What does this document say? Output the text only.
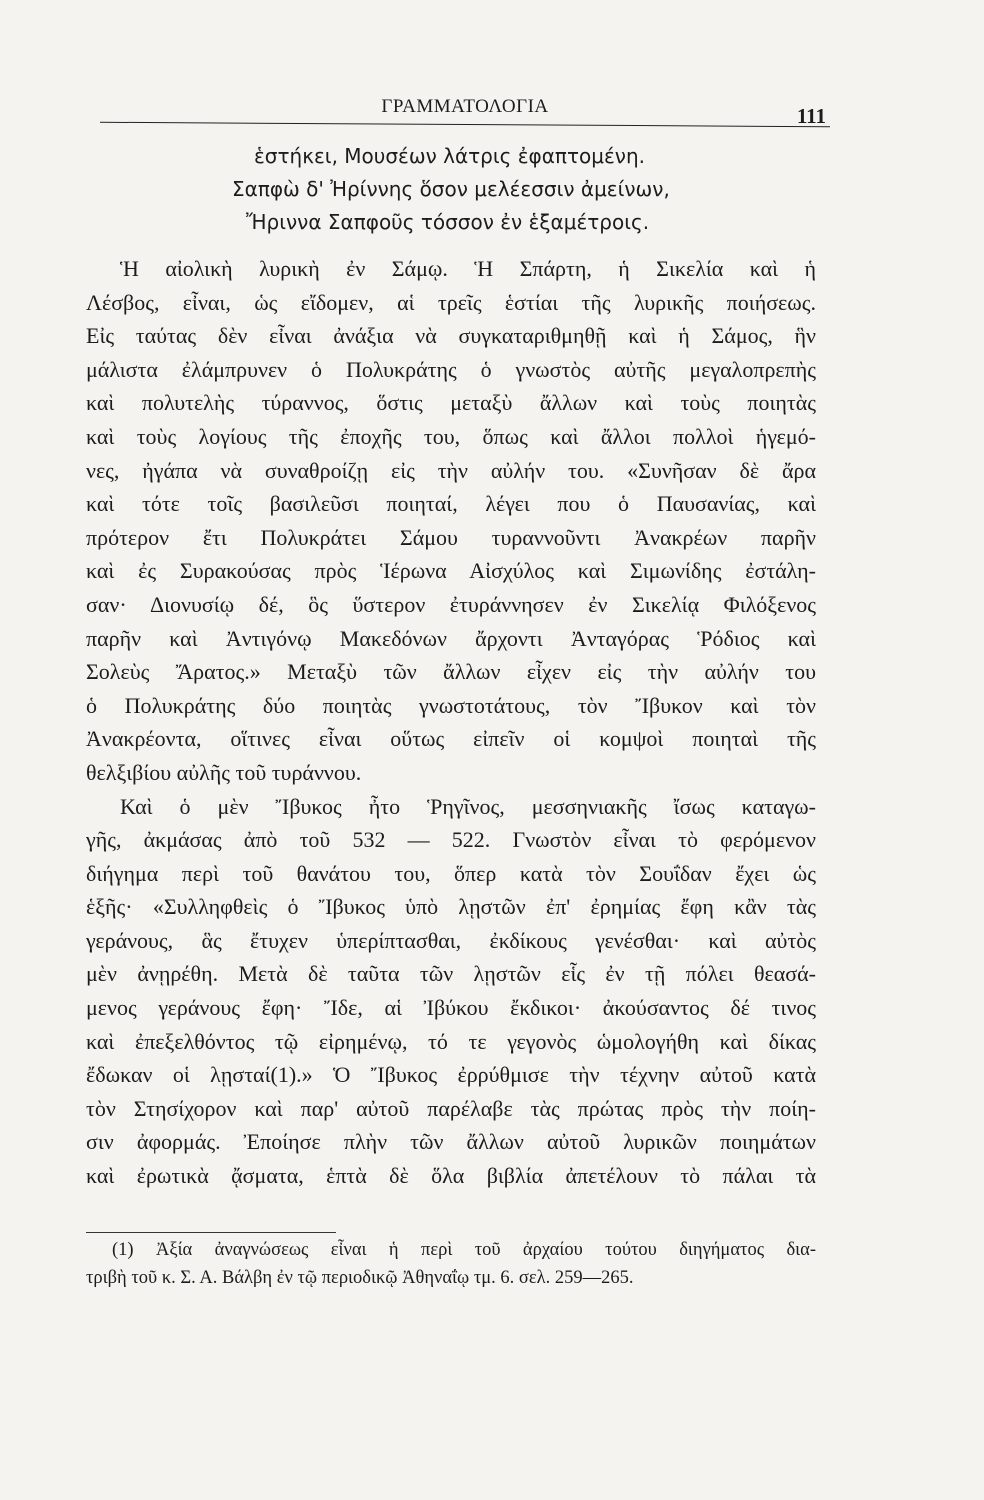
ΓΡΑΜΜΑΤΟΛΟΓΙΑ	111
ἑστήκει, Μουσέων λάτρις ἐφαπτομένη.
Σαπφὼ δ' Ἠρίννης ὅσον μελέεσσιν ἀμείνων,
Ἤριννα Σαπφοῦς τόσσον ἐν ἑξαμέτροις.
Ἡ αἰολικὴ λυρικὴ ἐν Σάμῳ. Ἡ Σπάρτη, ἡ Σικελία καὶ ἡ
Λέσβος, εἶναι, ὡς εἴδομεν, αἱ τρεῖς ἑστίαι τῆς λυρικῆς ποιήσεως.
Εἰς ταύτας δὲν εἶναι ἀνάξια νὰ συγκαταριθμηθῇ καὶ ἡ Σάμος, ἣν
μάλιστα ἐλάμπρυνεν ὁ Πολυκράτης ὁ γνωστὸς αὐτῆς μεγαλοπρεπὴς
καὶ πολυτελὴς τύραννος, ὅστις μεταξὺ ἄλλων καὶ τοὺς ποιητὰς
καὶ τοὺς λογίους τῆς ἐποχῆς του, ὅπως καὶ ἄλλοι πολλοὶ ἡγεμό-
νες, ἠγάπα νὰ συναθροίζῃ εἰς τὴν αὐλήν του. «Συνῆσαν δὲ ἄρα
καὶ τότε τοῖς βασιλεῦσι ποιηταί, λέγει που ὁ Παυσανίας, καὶ
πρότερον ἔτι Πολυκράτει Σάμου τυραννοῦντι Ἀνακρέων παρῆν
καὶ ἐς Συρακούσας πρὸς Ἱέρωνα Αἰσχύλος καὶ Σιμωνίδης ἐστάλη-
σαν· Διονυσίῳ δέ, ὃς ὕστερον ἐτυράννησεν ἐν Σικελίᾳ Φιλόξενος
παρῆν καὶ Ἀντιγόνῳ Μακεδόνων ἄρχοντι Ἀνταγόρας Ῥόδιος καὶ
Σολεὺς Ἄρατος.» Μεταξὺ τῶν ἄλλων εἶχεν εἰς τὴν αὐλήν του
ὁ Πολυκράτης δύο ποιητὰς γνωστοτάτους, τὸν Ἴβυκον καὶ τὸν
Ἀνακρέοντα, οἵτινες εἶναι οὕτως εἰπεῖν οἱ κομψοὶ ποιηταὶ τῆς
θελξιβίου αὐλῆς τοῦ τυράννου.
Καὶ ὁ μὲν Ἴβυκος ἦτο Ῥηγῖνος, μεσσηνιακῆς ἴσως καταγω-
γῆς, ἀκμάσας ἀπὸ τοῦ 532 — 522. Γνωστὸν εἶναι τὸ φερόμενον
διήγημα περὶ τοῦ θανάτου του, ὅπερ κατὰ τὸν Σουΐδαν ἔχει ὡς
ἑξῆς· «Συλληφθεὶς ὁ Ἴβυκος ὑπὸ λῃστῶν ἐπ' ἐρημίας ἔφη κἂν τὰς
γεράνους, ἃς ἔτυχεν ὑπερίπτασθαι, ἐκδίκους γενέσθαι· καὶ αὐτὸς
μὲν ἀνῃρέθη. Μετὰ δὲ ταῦτα τῶν λῃστῶν εἷς ἐν τῇ πόλει θεασά-
μενος γεράνους ἔφη· Ἴδε, αἱ Ἰβύκου ἔκδικοι· ἀκούσαντος δέ τινος
καὶ ἐπεξελθόντος τῷ εἰρημένῳ, τό τε γεγονὸς ὡμολογήθη καὶ δίκας
ἔδωκαν οἱ λῃσταί(1).» Ὁ Ἴβυκος ἐρρύθμισε τὴν τέχνην αὐτοῦ κατὰ
τὸν Στησίχορον καὶ παρ' αὐτοῦ παρέλαβε τὰς πρώτας πρὸς τὴν ποίη-
σιν ἀφορμάς. Ἐποίησε πλὴν τῶν ἄλλων αὐτοῦ λυρικῶν ποιημάτων
καὶ ἐρωτικὰ ᾄσματα, ἑπτὰ δὲ ὅλα βιβλία ἀπετέλουν τὸ πάλαι τὰ
(1) Ἀξία ἀναγνώσεως εἶναι ἡ περὶ τοῦ ἀρχαίου τούτου διηγήματος δια-
τριβὴ τοῦ κ. Σ. Α. Βάλβη ἐν τῷ περιοδικῷ Ἀθηναΐῳ τμ. 6. σελ. 259—265.
